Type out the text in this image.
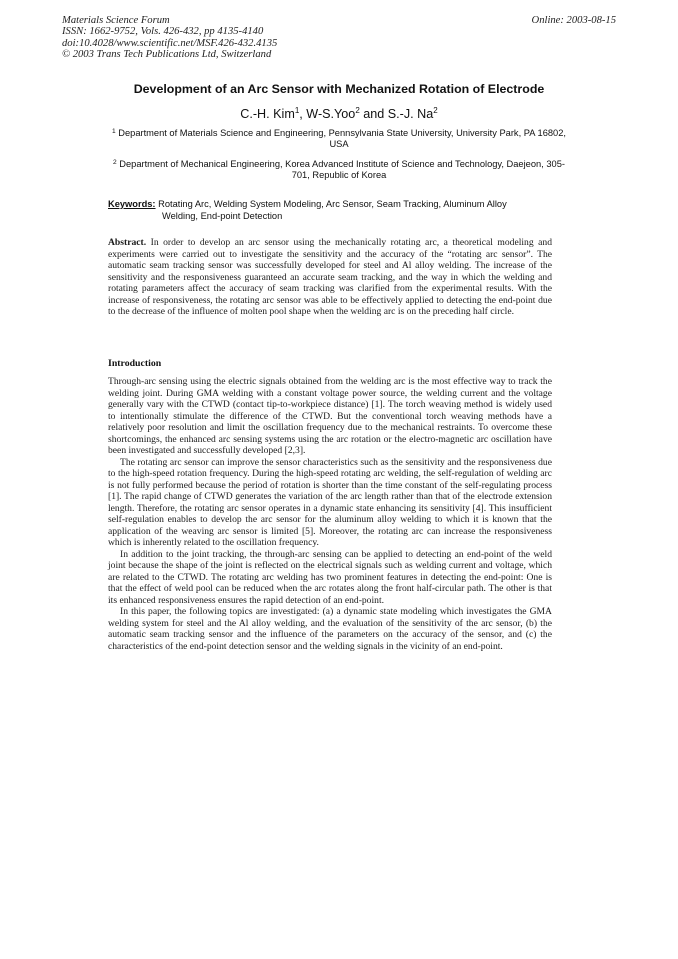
Materials Science Forum
ISSN: 1662-9752, Vols. 426-432, pp 4135-4140
doi:10.4028/www.scientific.net/MSF.426-432.4135
© 2003 Trans Tech Publications Ltd, Switzerland
Online: 2003-08-15
Development of an Arc Sensor with Mechanized Rotation of Electrode
C.-H. Kim$^1$, W-S.Yoo$^2$ and S.-J. Na$^2$
$^1$ Department of Materials Science and Engineering, Pennsylvania State University, University Park, PA 16802, USA
$^2$ Department of Mechanical Engineering, Korea Advanced Institute of Science and Technology, Daejeon, 305-701, Republic of Korea
Keywords: Rotating Arc, Welding System Modeling, Arc Sensor, Seam Tracking, Aluminum Alloy
Welding, End-point Detection

Abstract. In order to develop an arc sensor using the mechanically rotating arc, a theoretical modeling and experiments were carried out to investigate the sensitivity and the accuracy of the “rotating arc sensor”. The automatic seam tracking sensor was successfully developed for steel and Al alloy welding. The increase of the sensitivity and the responsiveness guaranteed an accurate seam tracking, and the way in which the welding and rotating parameters affect the accuracy of seam tracking was clarified from the experimental results. With the increase of responsiveness, the rotating arc sensor was able to be effectively applied to detecting the end-point due to the decrease of the influence of molten pool shape when the welding arc is on the preceding half circle.

Introduction

Through-arc sensing using the electric signals obtained from the welding arc is the most effective way to track the welding joint. During GMA welding with a constant voltage power source, the welding current and the voltage generally vary with the CTWD (contact tip-to-workpiece distance) [1]. The torch weaving method is widely used to intentionally stimulate the difference of the CTWD. But the conventional torch weaving methods have a relatively poor resolution and limit the oscillation frequency due to the mechanical restraints. To overcome these shortcomings, the enhanced arc sensing systems using the arc rotation or the electro-magnetic arc oscillation have been investigated and successfully developed [2,3].

The rotating arc sensor can improve the sensor characteristics such as the sensitivity and the responsiveness due to the high-speed rotation frequency. During the high-speed rotating arc welding, the self-regulation of welding arc is not fully performed because the period of rotation is shorter than the time constant of the self-regulating process [1]. The rapid change of CTWD generates the variation of the arc length rather than that of the electrode extension length. Therefore, the rotating arc sensor operates in a dynamic state enhancing its sensitivity [4]. This insufficient self-regulation enables to develop the arc sensor for the aluminum alloy welding to which it is known that the application of the weaving arc sensor is limited [5]. Moreover, the rotating arc can increase the responsiveness which is inherently related to the oscillation frequency.

In addition to the joint tracking, the through-arc sensing can be applied to detecting an end-point of the weld joint because the shape of the joint is reflected on the electrical signals such as welding current and voltage, which are related to the CTWD. The rotating arc welding has two prominent features in detecting the end-point: One is that the effect of weld pool can be reduced when the arc rotates along the front half-circular path. The other is that its enhanced responsiveness ensures the rapid detection of an end-point.

In this paper, the following topics are investigated: (a) a dynamic state modeling which investigates the GMA welding system for steel and the Al alloy welding, and the evaluation of the sensitivity of the arc sensor, (b) the automatic seam tracking sensor and the influence of the parameters on the accuracy of the sensor, and (c) the characteristics of the end-point detection sensor and the welding signals in the vicinity of an end-point.
